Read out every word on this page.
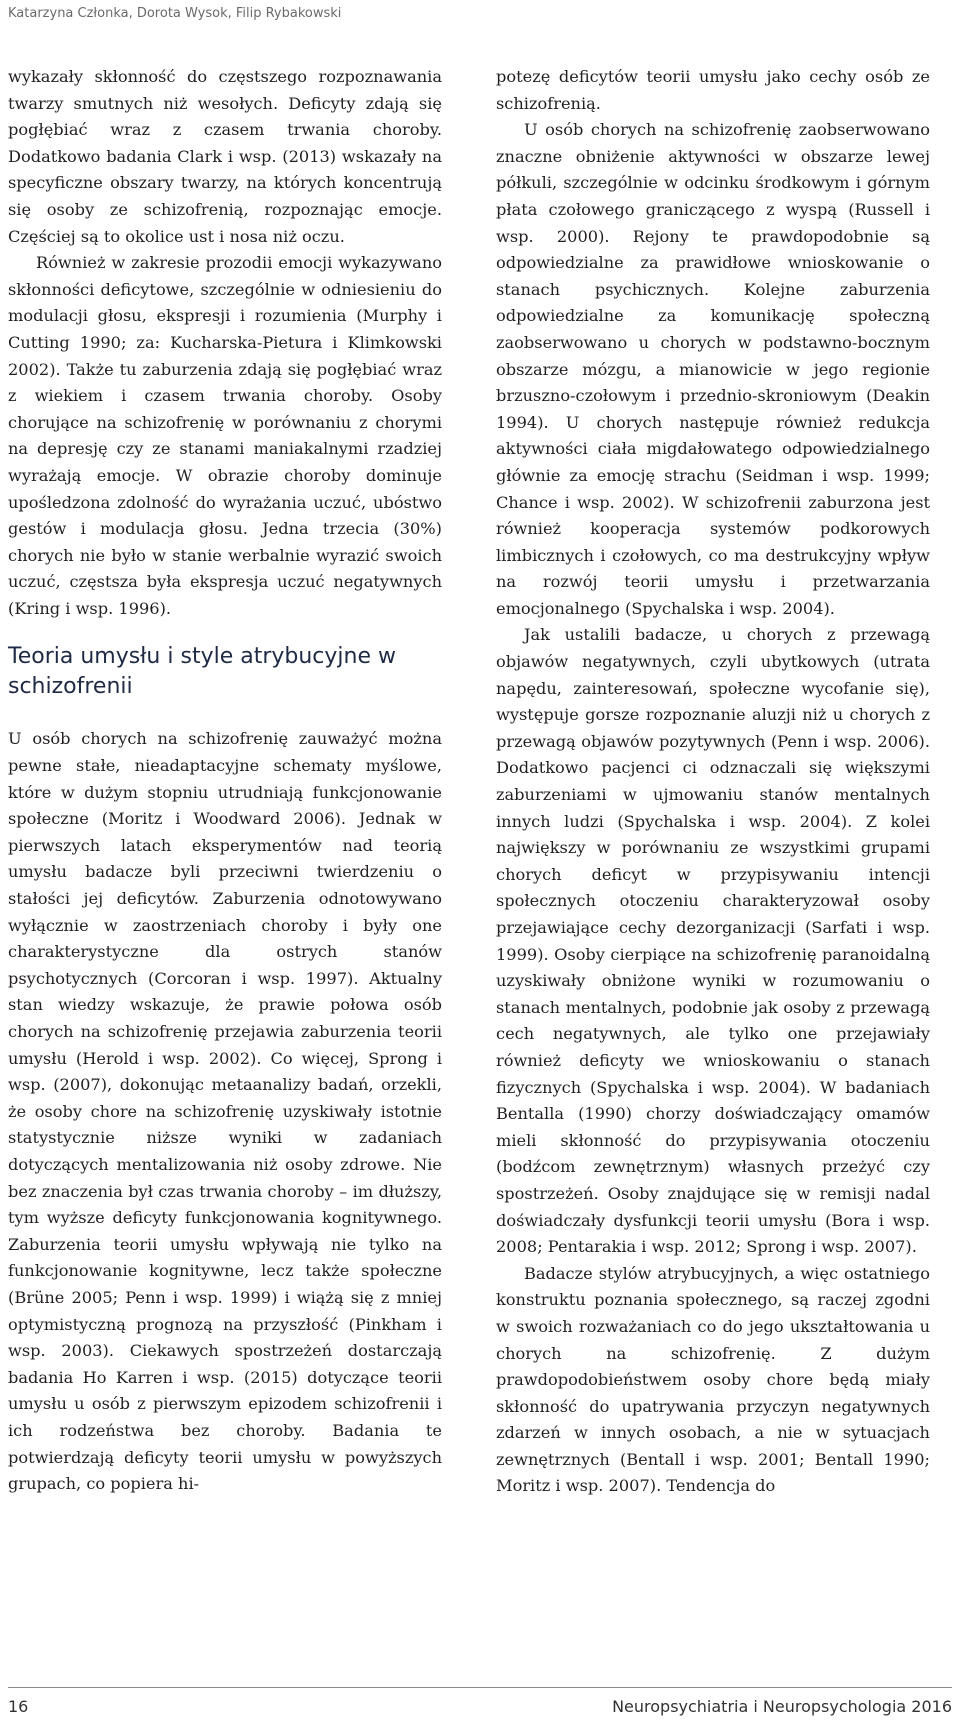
Katarzyna Członka, Dorota Wysok, Filip Rybakowski

wykazały skłonność do częstszego rozpoznawania twarzy smutnych niż wesołych. Deficyty zdają się pogłębiać wraz z czasem trwania choroby. Dodatkowo badania Clark i wsp. (2013) wskazały na specyficzne obszary twarzy, na których koncentrują się osoby ze schizofrenią, rozpoznając emocje. Częściej są to okolice ust i nosa niż oczu.

Również w zakresie prozodii emocji wykazywano skłonności deficytowe, szczególnie w odniesieniu do modulacji głosu, ekspresji i rozumienia (Murphy i Cutting 1990; za: Kucharska-Pietura i Klimkowski 2002). Także tu zaburzenia zdają się pogłębiać wraz z wiekiem i czasem trwania choroby. Osoby chorujące na schizofrenię w porównaniu z chorymi na depresję czy ze stanami maniakalnymi rzadziej wyrażają emocje. W obrazie choroby dominuje upośledzona zdolność do wyrażania uczuć, ubóstwo gestów i modulacja głosu. Jedna trzecia (30%) chorych nie było w stanie werbalnie wyrazić swoich uczuć, częstsza była ekspresja uczuć negatywnych (Kring i wsp. 1996).

Teoria umysłu i style atrybucyjne w schizofrenii

U osób chorych na schizofrenię zauważyć można pewne stałe, nieadaptacyjne schematy myślowe, które w dużym stopniu utrudniają funkcjonowanie społeczne (Moritz i Woodward 2006). Jednak w pierwszych latach eksperymentów nad teorią umysłu badacze byli przeciwni twierdzeniu o stałości jej deficytów. Zaburzenia odnotowywano wyłącznie w zaostrzeniach choroby i były one charakterystyczne dla ostrych stanów psychotycznych (Corcoran i wsp. 1997). Aktualny stan wiedzy wskazuje, że prawie połowa osób chorych na schizofrenię przejawia zaburzenia teorii umysłu (Herold i wsp. 2002). Co więcej, Sprong i wsp. (2007), dokonując metaanalizy badań, orzekli, że osoby chore na schizofrenię uzyskiwały istotnie statystycznie niższe wyniki w zadaniach dotyczących mentalizowania niż osoby zdrowe. Nie bez znaczenia był czas trwania choroby – im dłuższy, tym wyższe deficyty funkcjonowania kognitywnego. Zaburzenia teorii umysłu wpływają nie tylko na funkcjonowanie kognitywne, lecz także społeczne (Brüne 2005; Penn i wsp. 1999) i wiążą się z mniej optymistyczną prognozą na przyszłość (Pinkham i wsp. 2003). Ciekawych spostrzeżeń dostarczają badania Ho Karren i wsp. (2015) dotyczące teorii umysłu u osób z pierwszym epizodem schizofrenii i ich rodzeństwa bez choroby. Badania te potwierdzają deficyty teorii umysłu w powyższych grupach, co popiera hi-

potezę deficytów teorii umysłu jako cechy osób ze schizofrenią.

U osób chorych na schizofrenię zaobserwowano znaczne obniżenie aktywności w obszarze lewej półkuli, szczególnie w odcinku środkowym i górnym płata czołowego graniczącego z wyspą (Russell i wsp. 2000). Rejony te prawdopodobnie są odpowiedzialne za prawidłowe wnioskowanie o stanach psychicznych. Kolejne zaburzenia odpowiedzialne za komunikację społeczną zaobserwowano u chorych w podstawno-bocznym obszarze mózgu, a mianowicie w jego regionie brzuszno-czołowym i przednio-skroniowym (Deakin 1994). U chorych następuje również redukcja aktywności ciała migdałowatego odpowiedzialnego głównie za emocję strachu (Seidman i wsp. 1999; Chance i wsp. 2002). W schizofrenii zaburzona jest również kooperacja systemów podkorowych limbicznych i czołowych, co ma destrukcyjny wpływ na rozwój teorii umysłu i przetwarzania emocjonalnego (Spychalska i wsp. 2004).

Jak ustalili badacze, u chorych z przewagą objawów negatywnych, czyli ubytkowych (utrata napędu, zainteresowań, społeczne wycofanie się), występuje gorsze rozpoznanie aluzji niż u chorych z przewagą objawów pozytywnych (Penn i wsp. 2006). Dodatkowo pacjenci ci odznaczali się większymi zaburzeniami w ujmowaniu stanów mentalnych innych ludzi (Spychalska i wsp. 2004). Z kolei największy w porównaniu ze wszystkimi grupami chorych deficyt w przypisywaniu intencji społecznych otoczeniu charakteryzował osoby przejawiające cechy dezorganizacji (Sarfati i wsp. 1999). Osoby cierpiące na schizofrenię paranoidalną uzyskiwały obniżone wyniki w rozumowaniu o stanach mentalnych, podobnie jak osoby z przewagą cech negatywnych, ale tylko one przejawiały również deficyty we wnioskowaniu o stanach fizycznych (Spychalska i wsp. 2004). W badaniach Bentalla (1990) chorzy doświadczający omamów mieli skłonność do przypisywania otoczeniu (bodźcom zewnętrznym) własnych przeżyć czy spostrzeżeń. Osoby znajdujące się w remisji nadal doświadczały dysfunkcji teorii umysłu (Bora i wsp. 2008; Pentarakia i wsp. 2012; Sprong i wsp. 2007).

Badacze stylów atrybucyjnych, a więc ostatniego konstruktu poznania społecznego, są raczej zgodni w swoich rozważaniach co do jego ukształtowania u chorych na schizofrenię. Z dużym prawdopodobieństwem osoby chore będą miały skłonność do upatrywania przyczyn negatywnych zdarzeń w innych osobach, a nie w sytuacjach zewnętrznych (Bentall i wsp. 2001; Bentall 1990; Moritz i wsp. 2007). Tendencja do

16	Neuropsychiatria i Neuropsychologia 2016
